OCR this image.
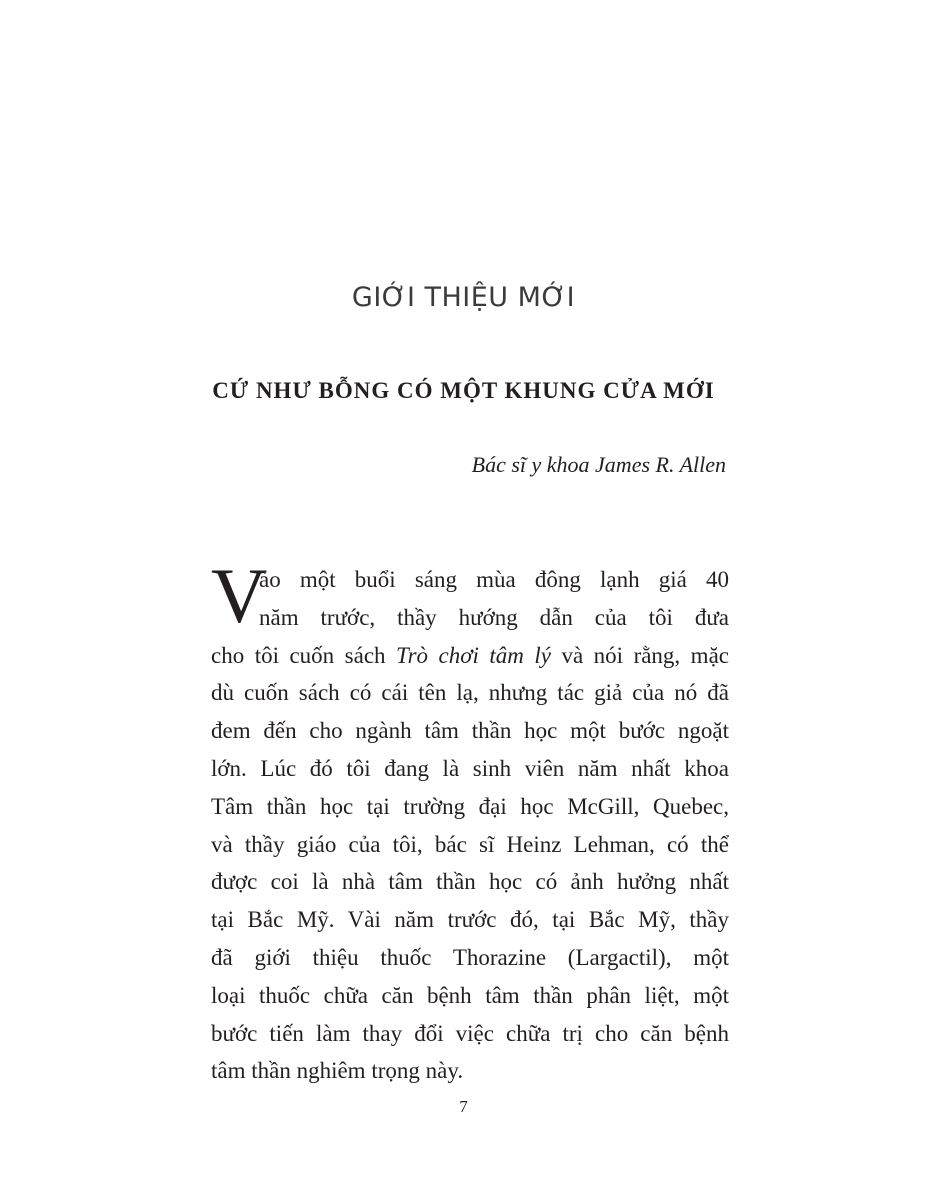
GIỚI THIỆU MỚI
CỨ NHƯ BỖNG CÓ MỘT KHUNG CỬA MỚI
Bác sĩ y khoa James R. Allen
V
ào một buổi sáng mùa đông lạnh giá 40
năm trước, thầy hướng dẫn của tôi đưa
cho tôi cuốn sách Trò chơi tâm lý và nói rằng, mặc
dù cuốn sách có cái tên lạ, nhưng tác giả của nó đã
đem đến cho ngành tâm thần học một bước ngoặt
lớn. Lúc đó tôi đang là sinh viên năm nhất khoa
Tâm thần học tại trường đại học McGill, Quebec,
và thầy giáo của tôi, bác sĩ Heinz Lehman, có thể
được coi là nhà tâm thần học có ảnh hưởng nhất
tại Bắc Mỹ. Vài năm trước đó, tại Bắc Mỹ, thầy
đã giới thiệu thuốc Thorazine (Largactil), một
loại thuốc chữa căn bệnh tâm thần phân liệt, một
bước tiến làm thay đổi việc chữa trị cho căn bệnh
tâm thần nghiêm trọng này.
7
